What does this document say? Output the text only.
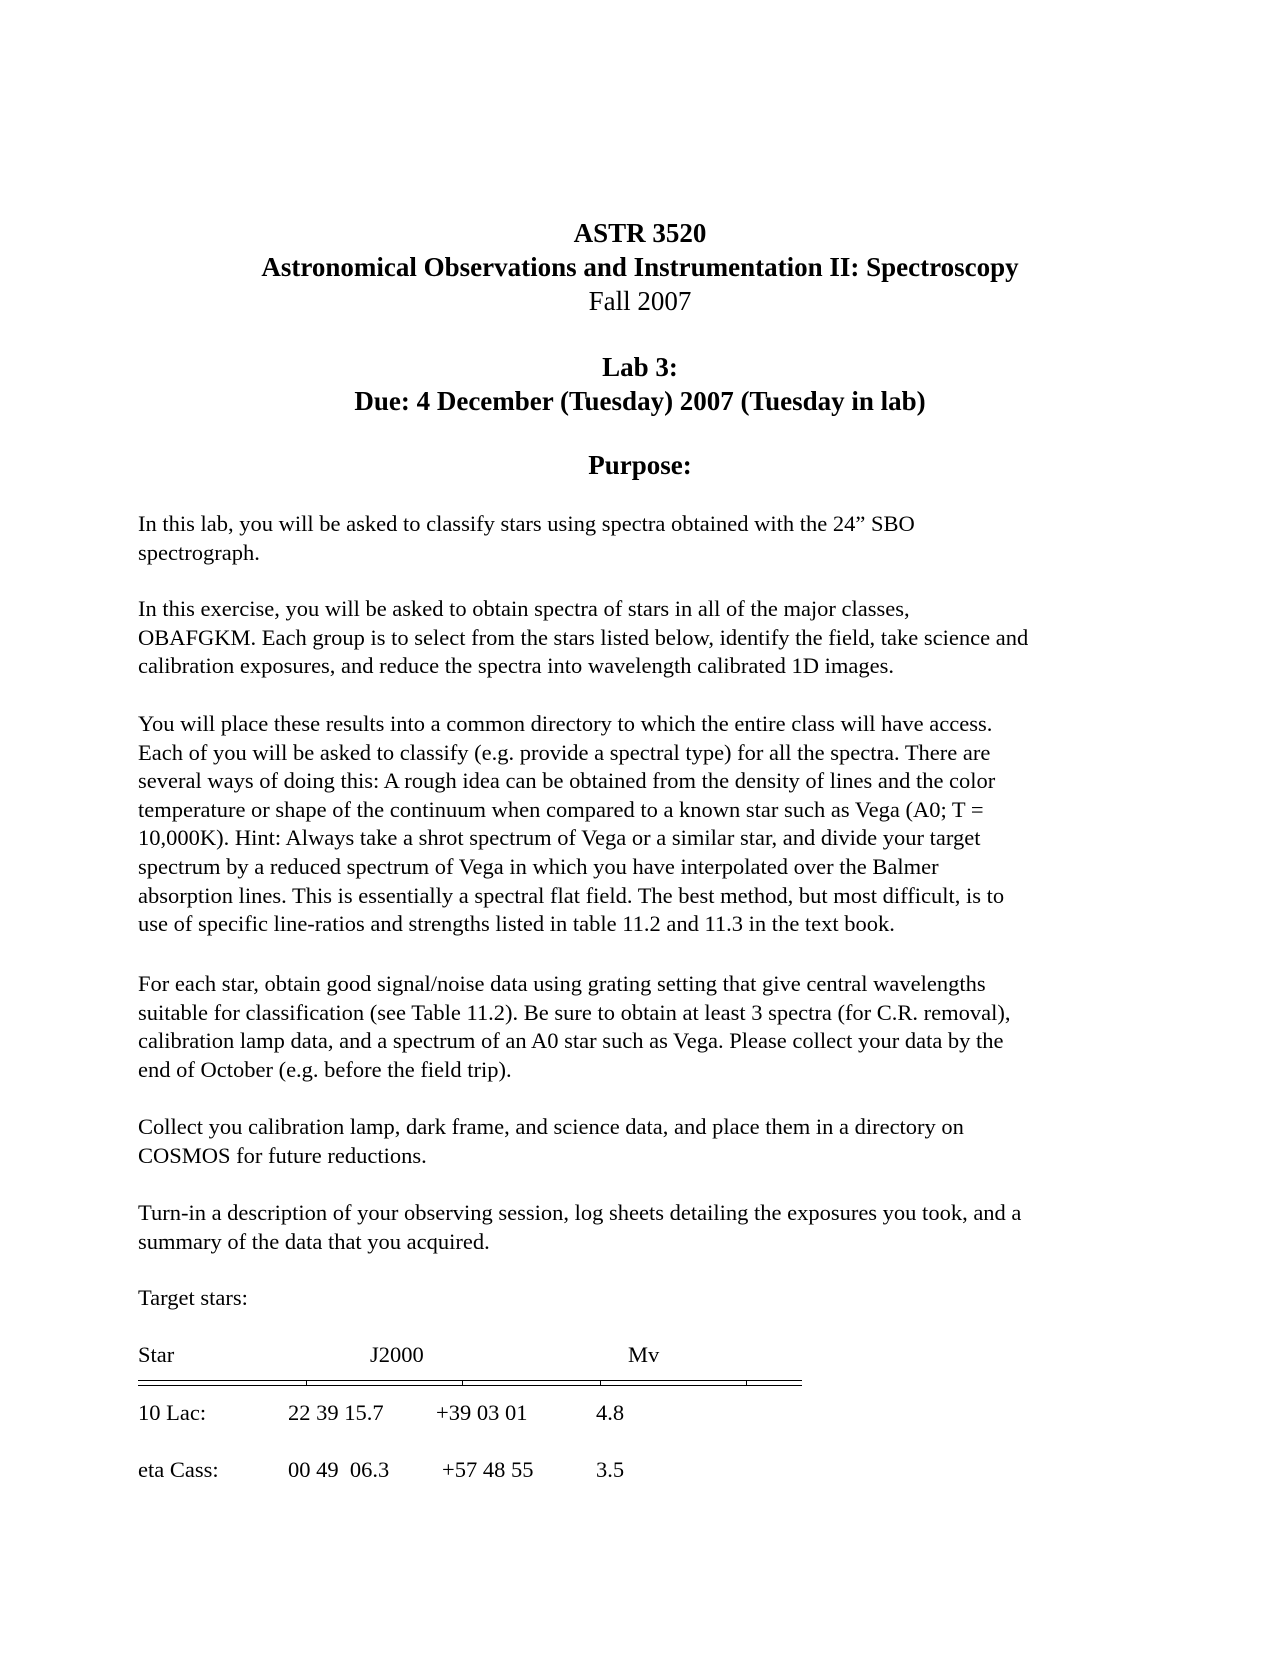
ASTR 3520
Astronomical Observations and Instrumentation II: Spectroscopy
Fall 2007
Lab 3:
Due: 4 December (Tuesday) 2007 (Tuesday in lab)
Purpose:
In this lab, you will be asked to classify stars using spectra obtained with the 24” SBO
spectrograph.
In this exercise, you will be asked to obtain spectra of stars in all of the major classes,
OBAFGKM. Each group is to select from the stars listed below, identify the field, take science and
calibration exposures, and reduce the spectra into wavelength calibrated 1D images.
You will place these results into a common directory to which the entire class will have access.
Each of you will be asked to classify (e.g. provide a spectral type) for all the spectra. There are
several ways of doing this: A rough idea can be obtained from the density of lines and the color
temperature or shape of the continuum when compared to a known star such as Vega (A0; T =
10,000K). Hint: Always take a shrot spectrum of Vega or a similar star, and divide your target
spectrum by a reduced spectrum of Vega in which you have interpolated over the Balmer
absorption lines. This is essentially a spectral flat field. The best method, but most difficult, is to
use of specific line-ratios and strengths listed in table 11.2 and 11.3 in the text book.
For each star, obtain good signal/noise data using grating setting that give central wavelengths
suitable for classification (see Table 11.2). Be sure to obtain at least 3 spectra (for C.R. removal),
calibration lamp data, and a spectrum of an A0 star such as Vega. Please collect your data by the
end of October (e.g. before the field trip).
Collect you calibration lamp, dark frame, and science data, and place them in a directory on
COSMOS for future reductions.
Turn-in a description of your observing session, log sheets detailing the exposures you took, and a
summary of the data that you acquired.
Target stars:
Star	J2000	Mv
10 Lac:	22 39 15.7 +39 03 01	4.8
eta Cass:	00 49  06.3 +57 48 55	3.5
